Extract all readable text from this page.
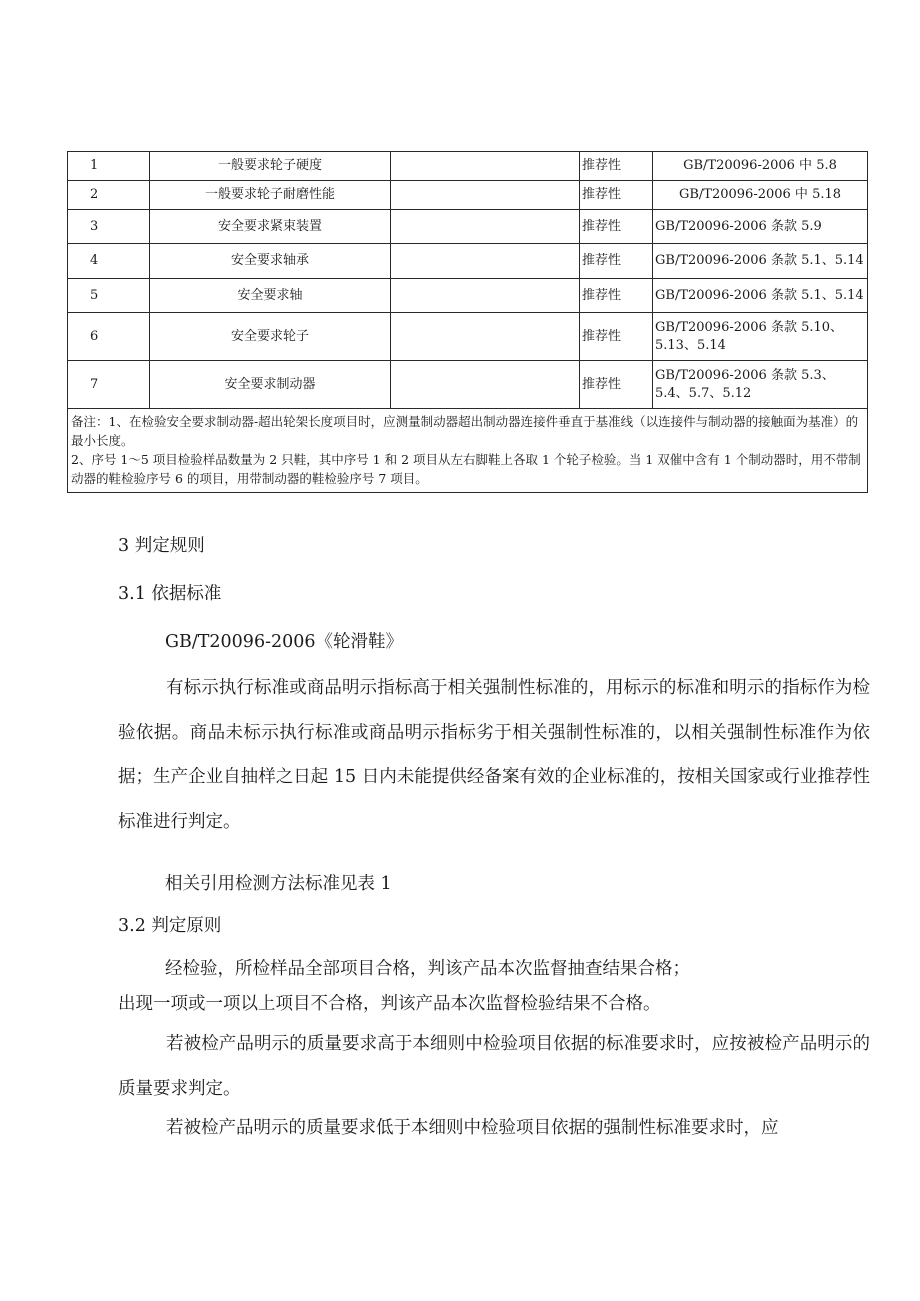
1	一般要求轮子硬度		推荐性	GB/T20096-2006 中 5.8
2	一般要求轮子耐磨性能		推荐性	GB/T20096-2006 中 5.18
3	安全要求紧束装置		推荐性	GB/T20096-2006 条款 5.9
4	安全要求轴承		推荐性	GB/T20096-2006 条款 5.1、5.14
5	安全要求轴		推荐性	GB/T20096-2006 条款 5.1、5.14
6	安全要求轮子		推荐性	GB/T20096-2006 条款 5.10、5.13、5.14
7	安全要求制动器		推荐性	GB/T20096-2006 条款 5.3、5.4、5.7、5.12

备注：1、在检验安全要求制动器-超出轮架长度项目时，应测量制动器超出制动器连接件垂直于基准线（以连接件与制动器的接触面为基准）的最小长度。
2、序号 1～5 项目检验样品数量为 2 只鞋，其中序号 1 和 2 项目从左右脚鞋上各取 1 个轮子检验。当 1 双催中含有 1 个制动器时，用不带制动器的鞋检验序号 6 的项目，用带制动器的鞋检验序号 7 项目。				
3 判定规则
3.1 依据标准
GB/T20096-2006《轮滑鞋》
有标示执行标准或商品明示指标高于相关强制性标准的，用标示的标准和明示的指标作为检验依据。商品未标示执行标准或商品明示指标劣于相关强制性标准的，以相关强制性标准作为依据；生产企业自抽样之日起 15 日内未能提供经备案有效的企业标准的，按相关国家或行业推荐性标准进行判定。
相关引用检测方法标准见表 1
3.2 判定原则
经检验，所检样品全部项目合格，判该产品本次监督抽查结果合格；
出现一项或一项以上项目不合格，判该产品本次监督检验结果不合格。
若被检产品明示的质量要求高于本细则中检验项目依据的标准要求时，应按被检产品明示的质量要求判定。
若被检产品明示的质量要求低于本细则中检验项目依据的强制性标准要求时，应
